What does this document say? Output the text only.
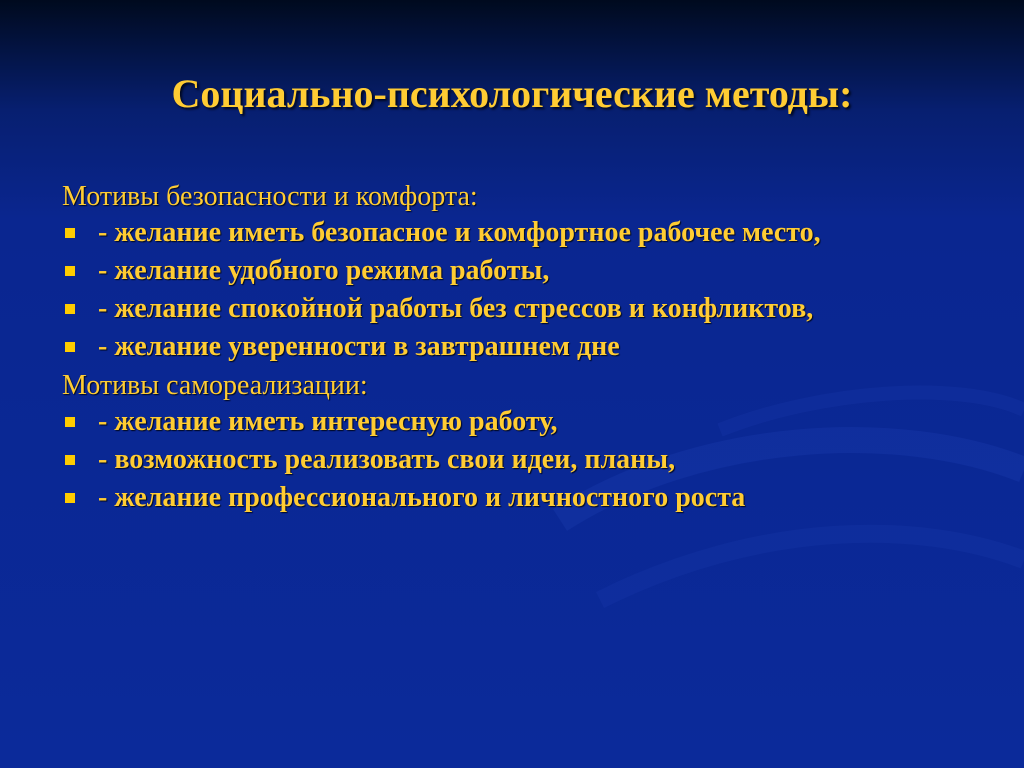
Социально-психологические методы:
Мотивы безопасности и комфорта:
- желание иметь безопасное и комфортное рабочее место,
- желание удобного режима работы,
- желание спокойной работы без стрессов и конфликтов,
- желание уверенности в завтрашнем дне
Мотивы самореализации:
- желание иметь интересную работу,
- возможность реализовать свои идеи, планы,
- желание профессионального и личностного роста
